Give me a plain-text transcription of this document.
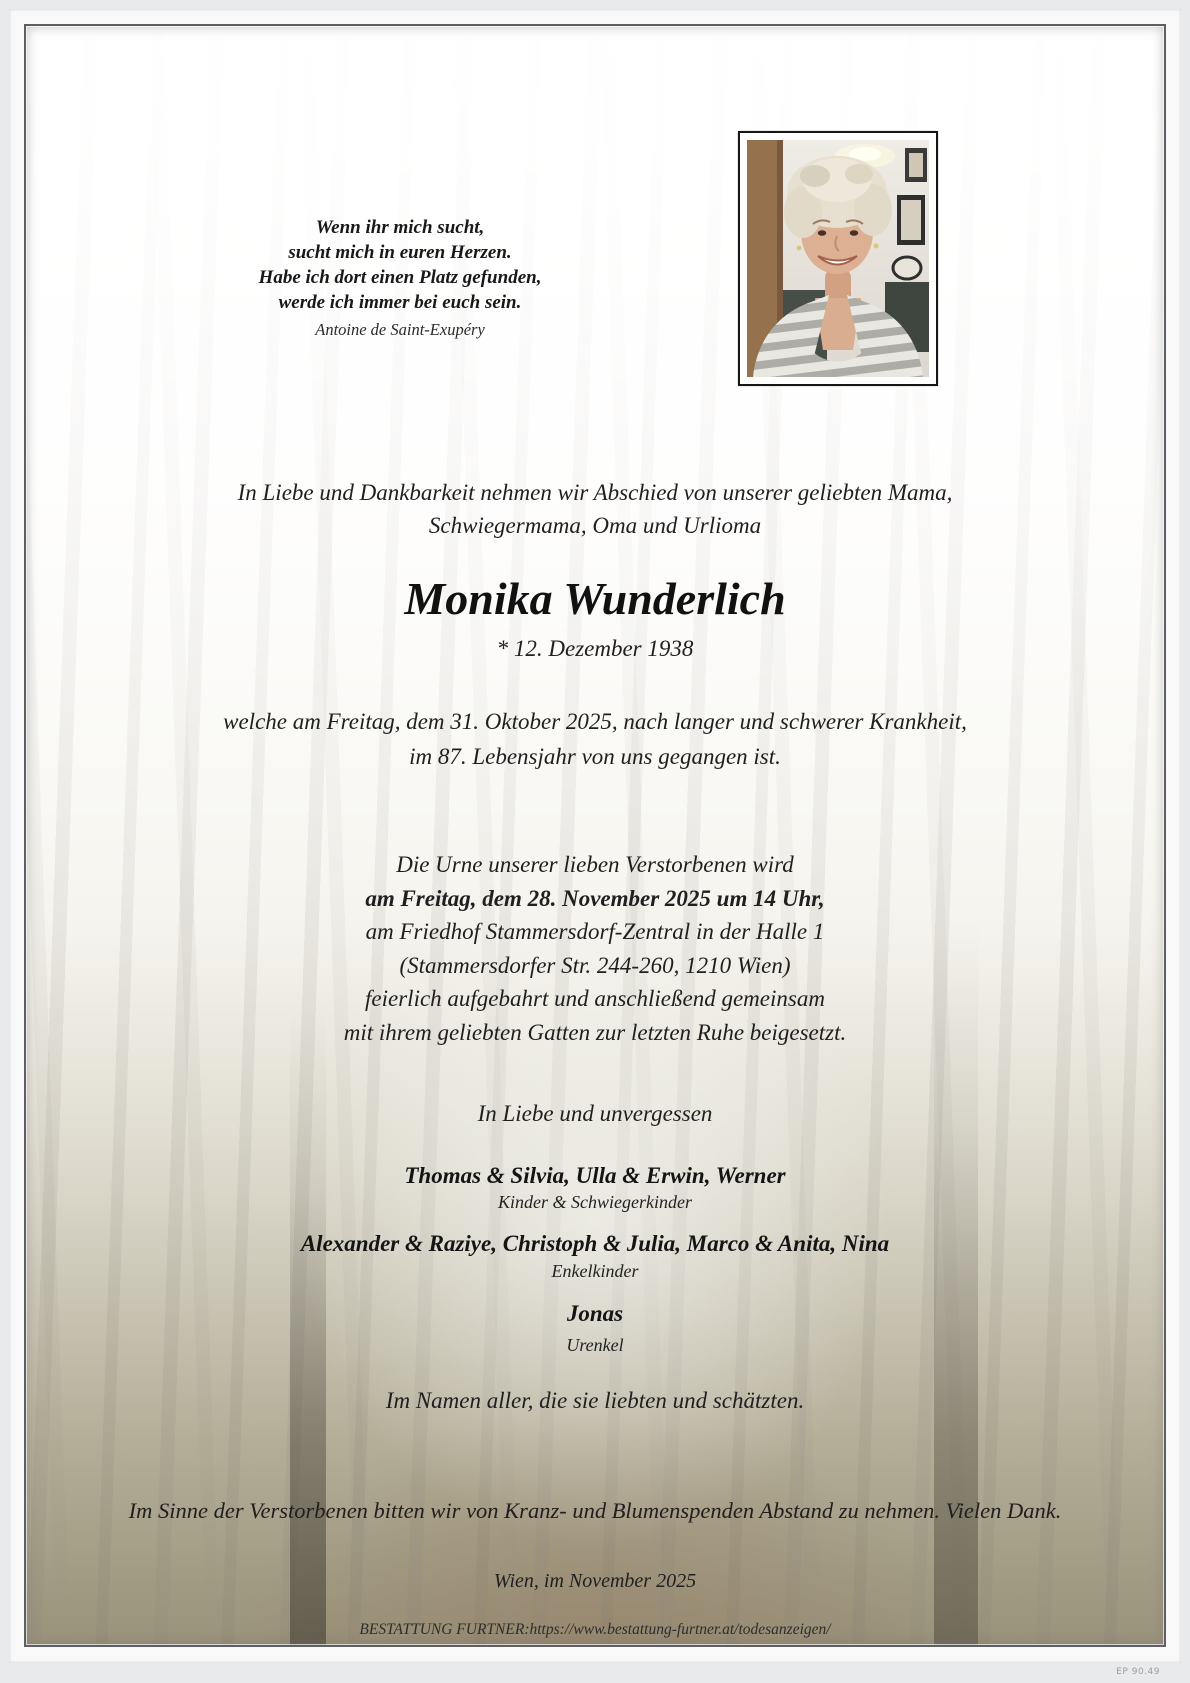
Wenn ihr mich sucht,
sucht mich in euren Herzen.
Habe ich dort einen Platz gefunden,
werde ich immer bei euch sein.
Antoine de Saint-Exupéry
In Liebe und Dankbarkeit nehmen wir Abschied von unserer geliebten Mama,
Schwiegermama, Oma und Urlioma
Monika Wunderlich
* 12. Dezember 1938
welche am Freitag, dem 31. Oktober 2025, nach langer und schwerer Krankheit,
im 87. Lebensjahr von uns gegangen ist.
Die Urne unserer lieben Verstorbenen wird
am Freitag, dem 28. November 2025 um 14 Uhr,
am Friedhof Stammersdorf-Zentral in der Halle 1
(Stammersdorfer Str. 244-260, 1210 Wien)
feierlich aufgebahrt und anschließend gemeinsam
mit ihrem geliebten Gatten zur letzten Ruhe beigesetzt.
In Liebe und unvergessen
Thomas & Silvia, Ulla & Erwin, Werner
Kinder & Schwiegerkinder
Alexander & Raziye, Christoph & Julia, Marco & Anita, Nina
Enkelkinder
Jonas
Urenkel
Im Namen aller, die sie liebten und schätzten.
Im Sinne der Verstorbenen bitten wir von Kranz- und Blumenspenden Abstand zu nehmen. Vielen Dank.
Wien, im November 2025
BESTATTUNG FURTNER:https://www.bestattung-furtner.at/todesanzeigen/
EP 90.49
